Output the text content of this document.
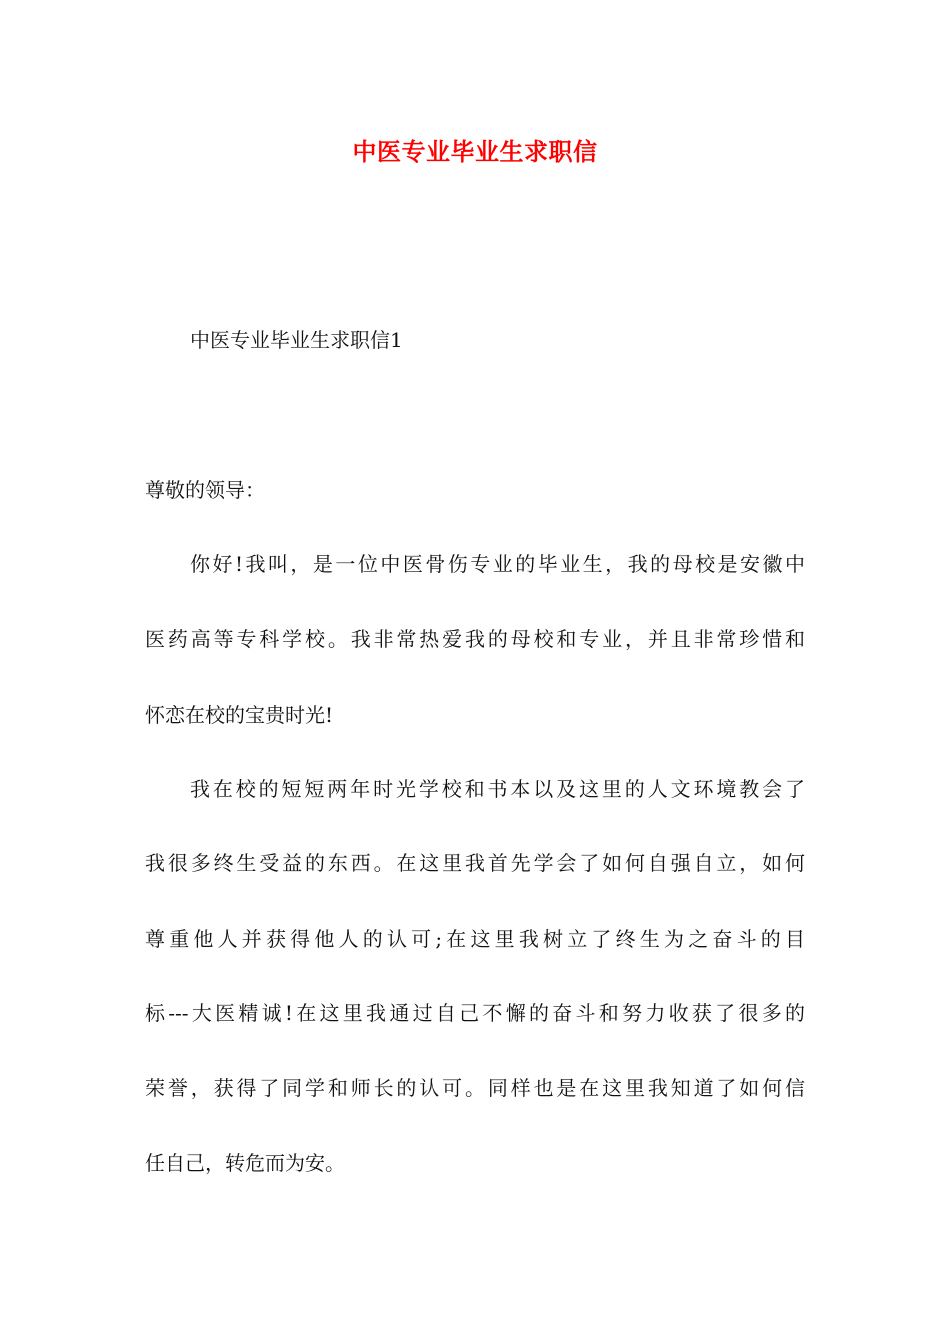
中医专业毕业生求职信
中医专业毕业生求职信1
尊敬的领导：
你好!我叫，是一位中医骨伤专业的毕业生，我的母校是安徽中
医药高等专科学校。我非常热爱我的母校和专业，并且非常珍惜和
怀恋在校的宝贵时光!
我在校的短短两年时光学校和书本以及这里的人文环境教会了
我很多终生受益的东西。在这里我首先学会了如何自强自立，如何
尊重他人并获得他人的认可;在这里我树立了终生为之奋斗的目
标---大医精诚!在这里我通过自己不懈的奋斗和努力收获了很多的
荣誉，获得了同学和师长的认可。同样也是在这里我知道了如何信
任自己，转危而为安。
